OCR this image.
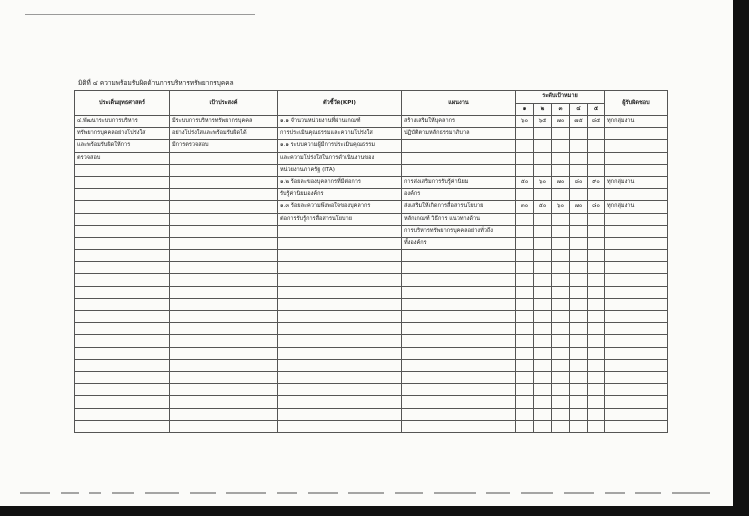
มิติที่ ๔ ความพร้อมรับผิดด้านการบริหารทรัพยากรบุคคล
ประเด็นยุทธศาสตร์	เป้าประสงค์	ตัวชี้วัด(KPI)	แผนงาน	ระดับเป้าหมาย					ผู้รับผิดชอบ
				๑	๒	๓	๔	๕	
๔.พัฒนาระบบการบริหาร	มีระบบการบริหารทรัพยากรบุคคล	๑.๑ จำนวนหน่วยงานที่ผ่านเกณฑ์	สร้างเสริมให้บุคลากร	๖๐	๖๕	๗๐	๗๕	๘๕	ทุกกลุ่มงาน
ทรัพยากรบุคคลอย่างโปร่งใส	อย่างโปร่งใสและพร้อมรับผิดได้	การประเมินคุณธรรมและความโปร่งใส	ปฏิบัติตามหลักธรรมาภิบาล						
และพร้อมรับผิดให้การ	มีการตรวจสอบ	๑.๑ ระบบความผู้มีการประเมินคุณธรรม							
ตรวจสอบ		และความโปร่งใสในการดำเนินงานของ							
		หน่วยงานภาครัฐ (ITA)							
		๑.๒ ร้อยละของบุคลากรที่มีต่อการ	การส่งเสริมการรับรู้ค่านิยม	๕๐	๖๐	๗๐	๘๐	๙๐	ทุกกลุ่มงาน
		รับรู้ค่านิยมองค์กร	องค์กร						
		๑.๓ ร้อยละความพึงพอใจของบุคลากร	ส่งเสริมให้เกิดการสื่อสารนโยบาย	๓๐	๕๐	๖๐	๗๐	๘๐	ทุกกลุ่มงาน
		ต่อการรับรู้การสื่อสารนโยบาย	หลักเกณฑ์ วิธีการ แนวทางด้าน						
			การบริหารทรัพยากรบุคคลอย่างทั่วถึง						
			ทั้งองค์กร						
